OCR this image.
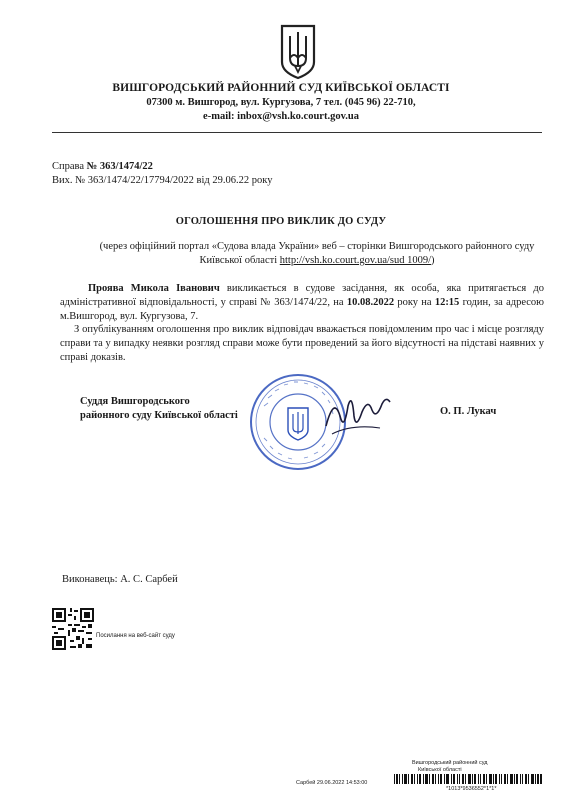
ВИШГОРОДСЬКИЙ РАЙОННИЙ СУД КИЇВСЬКОЇ ОБЛАСТІ
07300 м. Вишгород, вул. Кургузова, 7 тел. (045 96) 22-710,
e-mail: inbox@vsh.ko.court.gov.ua
Справа № 363/1474/22
Вих. № 363/1474/22/17794/2022 від 29.06.22 року
ОГОЛОШЕННЯ ПРО ВИКЛИК ДО СУДУ
(через офіційний портал «Судова влада України» веб – сторінки Вишгородського районного суду Київської області http://vsh.ko.court.gov.ua/sud 1009/)
Проява Микола Іванович викликається в судове засідання, як особа, яка притягається до адміністративної відповідальності, у справі № 363/1474/22, на 10.08.2022 року на 12:15 годин, за адресою м.Вишгород, вул. Кургузова, 7.
З опублікуванням оголошення про виклик відповідач вважається повідомленим про час і місце розгляду справи та у випадку неявки розгляд справи може бути проведений за його відсутності на підставі наявних у справі доказів.
Суддя Вишгородського
районного суду Київської області	О. П. Лукач
Виконавець: А. С. Сарбей
Посилання на веб-сайт суду
Вишгородський районний суд
Київської області
Сарбей 29.06.2022 14:53:00
*1013*9536552*1*1*
